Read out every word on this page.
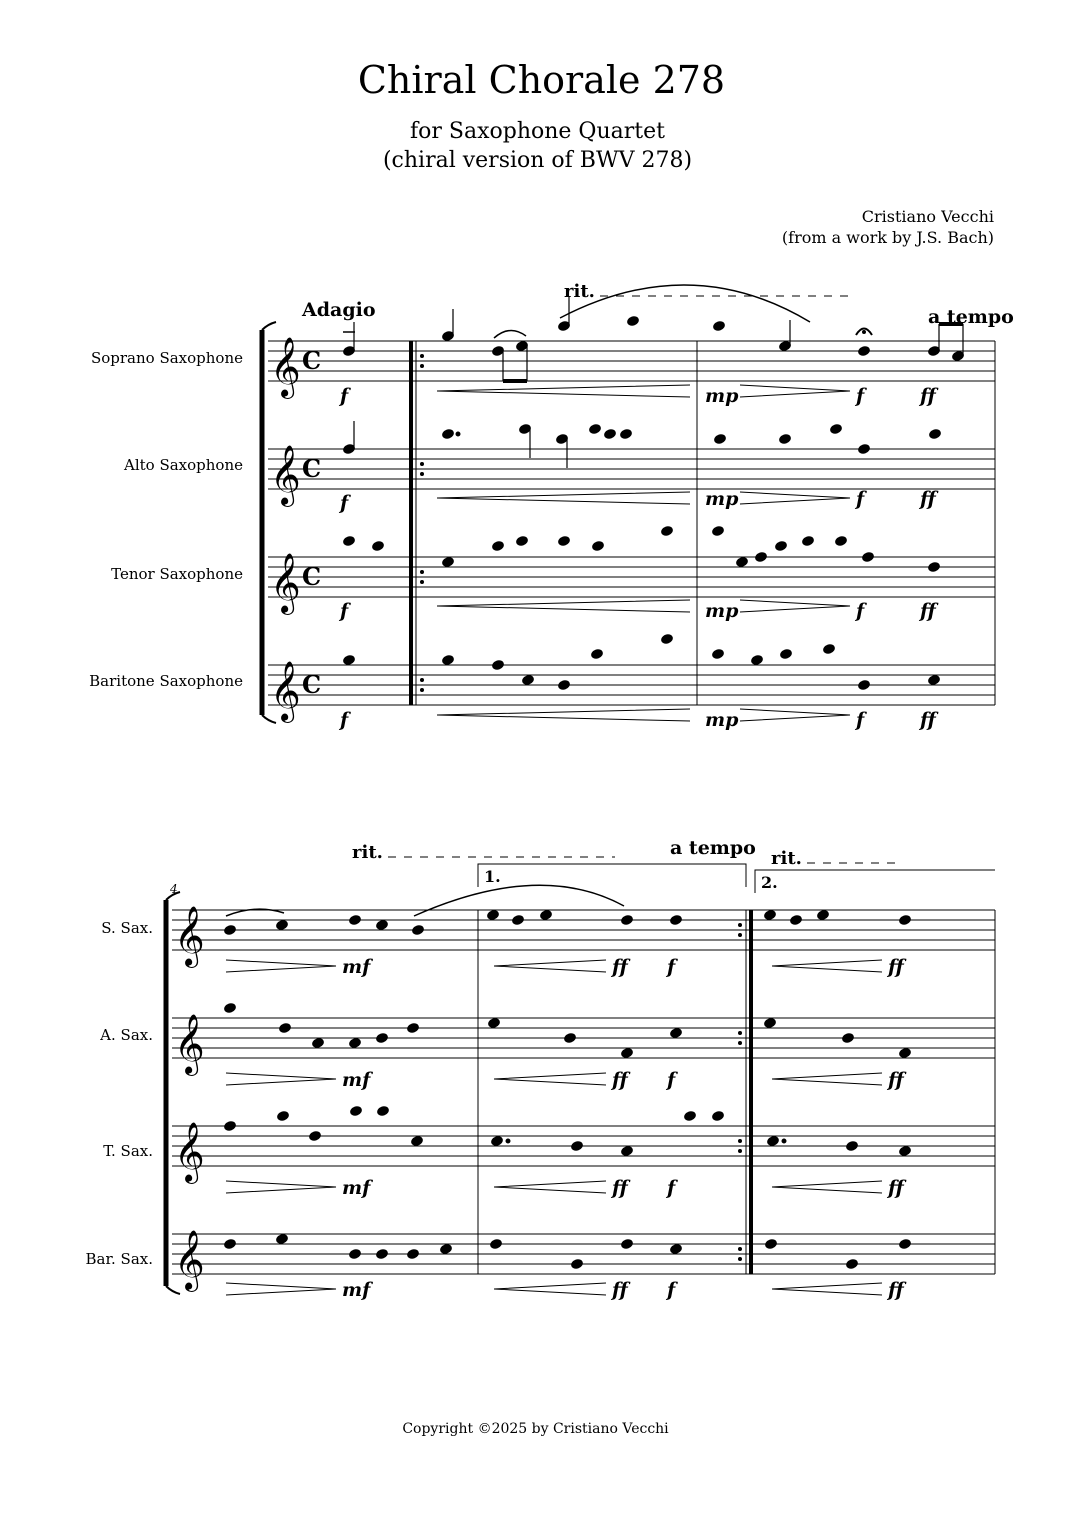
Chiral Chorale 278
for Saxophone Quartet
(chiral version of BWV 278)
Cristiano Vecchi
(from a work by J.S. Bach)
Soprano Saxophone
Alto Saxophone
Tenor Saxophone
Baritone Saxophone
𝄞
𝄞
𝄞
𝄞
C
C
C
C
Adagio
rit.
a tempo
f
f
f
f
mp
mp
mp
mp
f
f
f
f
ff
ff
ff
ff
4
S. Sax.
A. Sax.
T. Sax.
Bar. Sax.
𝄞
𝄞
𝄞
𝄞
rit.	a tempo rit.
1.	2.
mf
mf
mf
mf
ff
ff
ff
ff
f
f
f
f
ff
ff
ff
ff
Copyright ©2025 by Cristiano Vecchi
